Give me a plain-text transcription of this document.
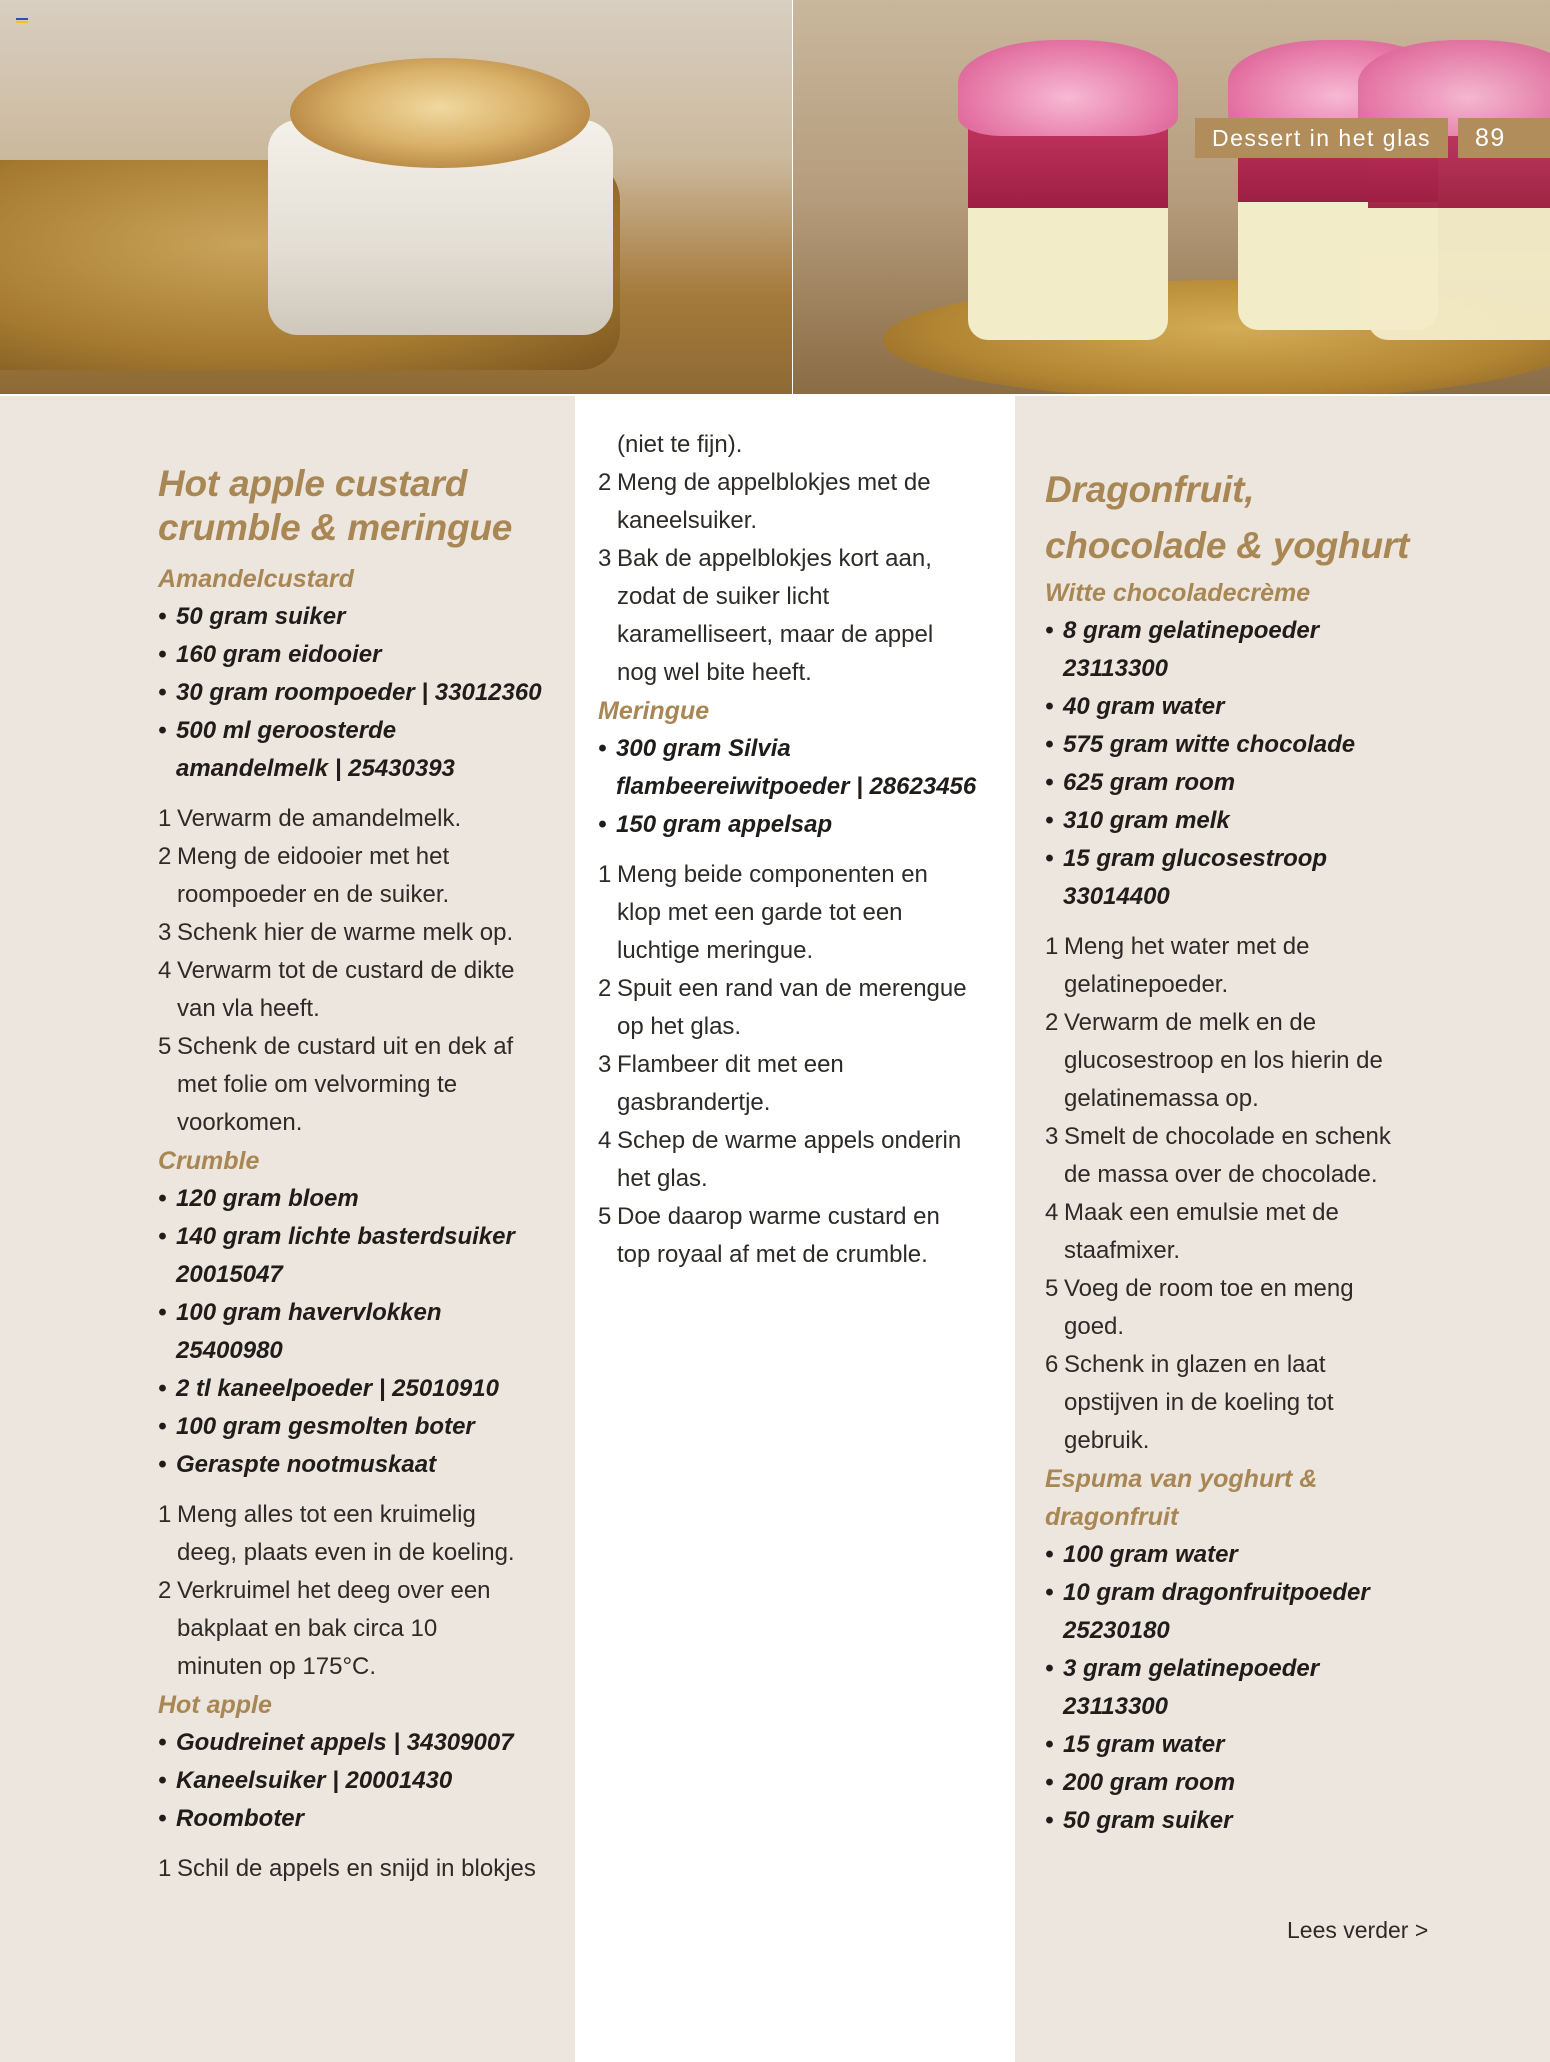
Dessert in het glas	89
Hot apple custard
crumble & meringue
Amandelcustard
• 50 gram suiker
• 160 gram eidooier
• 30 gram roompoeder | 33012360
• 500 ml geroosterde
amandelmelk | 25430393
1 Verwarm de amandelmelk.
2 Meng de eidooier met het
roompoeder en de suiker.
3 Schenk hier de warme melk op.
4 Verwarm tot de custard de dikte
van vla heeft.
5 Schenk de custard uit en dek af
met folie om velvorming te
voorkomen.
Crumble
• 120 gram bloem
• 140 gram lichte basterdsuiker
20015047
• 100 gram havervlokken
25400980
• 2 tl kaneelpoeder | 25010910
• 100 gram gesmolten boter
• Geraspte nootmuskaat
1 Meng alles tot een kruimelig
deeg, plaats even in de koeling.
2 Verkruimel het deeg over een
bakplaat en bak circa 10
minuten op 175°C.
Hot apple
• Goudreinet appels | 34309007
• Kaneelsuiker | 20001430
• Roomboter
1 Schil de appels en snijd in blokjes
(niet te fijn).
2 Meng de appelblokjes met de
kaneelsuiker.
3 Bak de appelblokjes kort aan,
zodat de suiker licht
karamelliseert, maar de appel
nog wel bite heeft.
Meringue
• 300 gram Silvia
flambeereiwitpoeder | 28623456
• 150 gram appelsap
1 Meng beide componenten en
klop met een garde tot een
luchtige meringue.
2 Spuit een rand van de merengue
op het glas.
3 Flambeer dit met een
gasbrandertje.
4 Schep de warme appels onderin
het glas.
5 Doe daarop warme custard en
top royaal af met de crumble.
Dragonfruit,
chocolade & yoghurt
Witte chocoladecrème
• 8 gram gelatinepoeder
23113300
• 40 gram water
• 575 gram witte chocolade
• 625 gram room
• 310 gram melk
• 15 gram glucosestroop
33014400
1 Meng het water met de
gelatinepoeder.
2 Verwarm de melk en de
glucosestroop en los hierin de
gelatinemassa op.
3 Smelt de chocolade en schenk
de massa over de chocolade.
4 Maak een emulsie met de
staafmixer.
5 Voeg de room toe en meng
goed.
6 Schenk in glazen en laat
opstijven in de koeling tot
gebruik.
Espuma van yoghurt &
dragonfruit
• 100 gram water
• 10 gram dragonfruitpoeder
25230180
• 3 gram gelatinepoeder
23113300
• 15 gram water
• 200 gram room
• 50 gram suiker
Lees verder >
